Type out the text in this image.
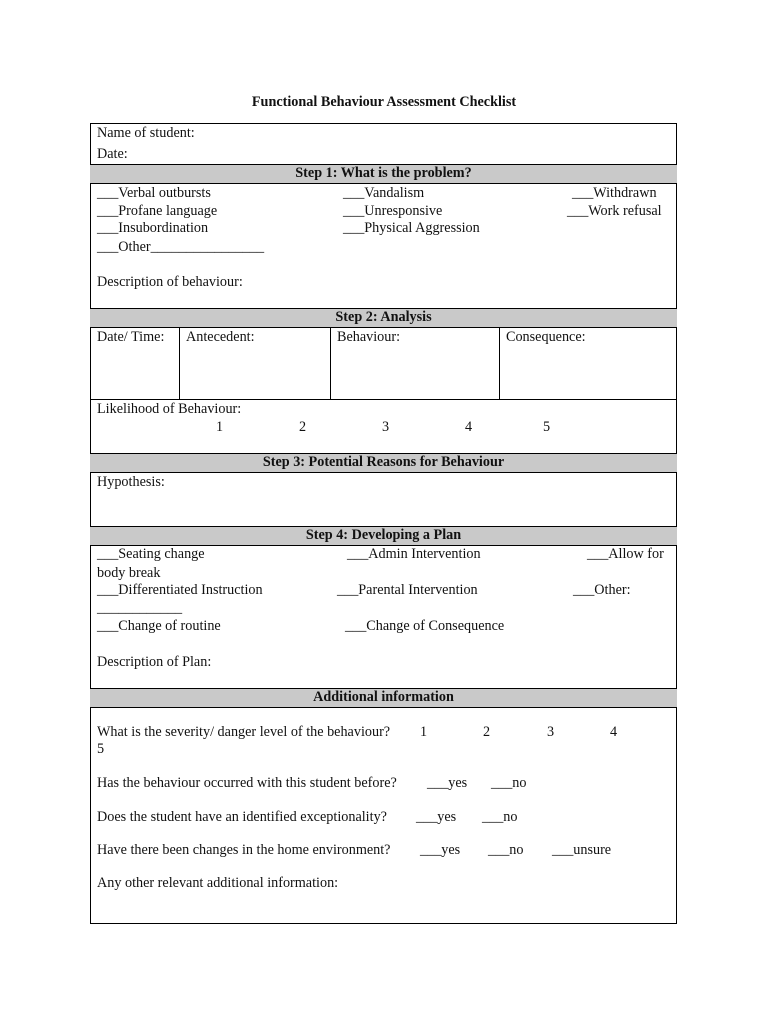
Functional Behaviour Assessment Checklist
Name of student:
Date:
Step 1: What is the problem?
___Verbal outbursts
___Profane language
___Insubordination
___Other________________
___Vandalism
___Unresponsive
___Physical Aggression
___Withdrawn
___Work refusal
Description of behaviour:
Step 2: Analysis
Date/ Time: Antecedent:	Behaviour:	Consequence:
Likelihood of Behaviour:
1	2	3	4	5
Step 3: Potential Reasons for Behaviour
Hypothesis:
Step 4: Developing a Plan
___Seating change	___Admin Intervention	___Allow for
body break
___Differentiated Instruction	___Parental Intervention	___Other:
____________
___Change of routine	___Change of Consequence
Description of Plan:
Additional information
What is the severity/ danger level of the behaviour? 1	2	3	4
5
Has the behaviour occurred with this student before? ___yes ___no
Does the student have an identified exceptionality? ___yes ___no
Have there been changes in the home environment? ___yes ___no ___unsure
Any other relevant additional information:
